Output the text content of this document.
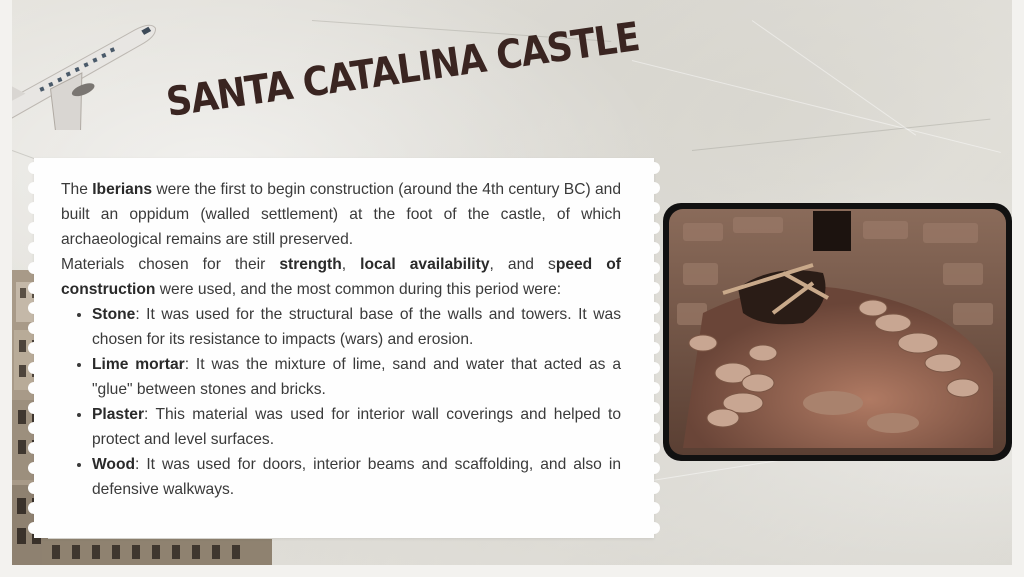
SANTA CATALINA CASTLE

The Iberians were the first to begin construction (around the 4th century BC) and built an oppidum (walled settlement) at the foot of the castle, of which archaeological remains are still preserved.

Materials chosen for their strength, local availability, and speed of construction were used, and the most common during this period were:

• Stone: It was used for the structural base of the walls and towers. It was chosen for its resistance to impacts (wars) and erosion.
• Lime mortar: It was the mixture of lime, sand and water that acted as a "glue" between stones and bricks.
• Plaster: This material was used for interior wall coverings and helped to protect and level surfaces.
• Wood: It was used for doors, interior beams and scaffolding, and also in defensive walkways.
